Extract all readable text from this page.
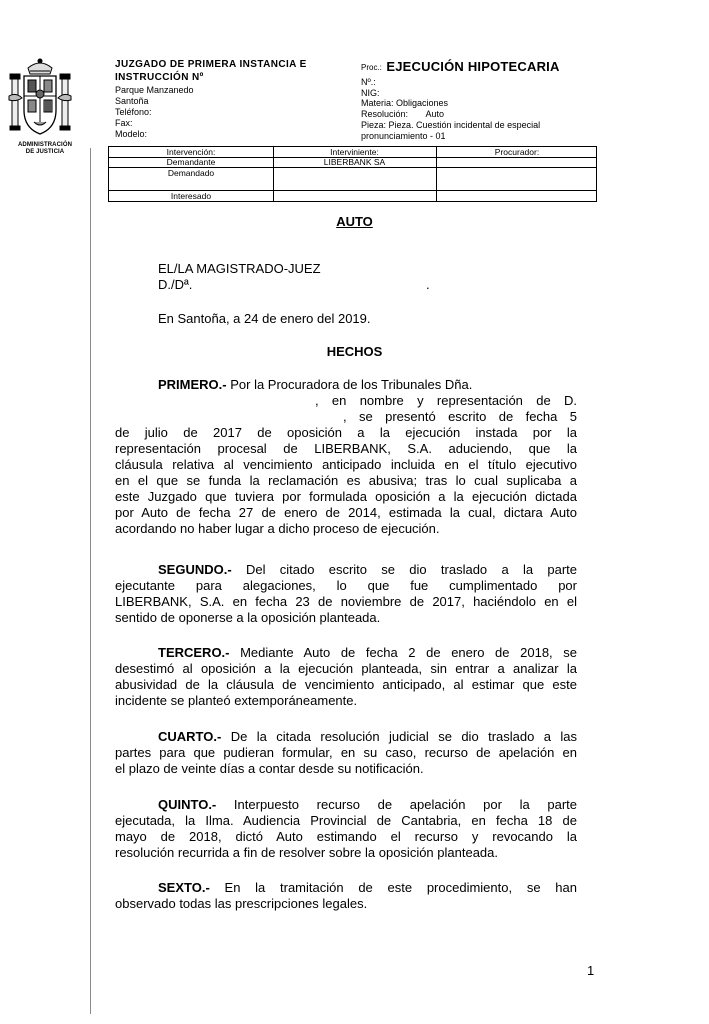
ADMINISTRACIÓN
DE JUSTICIA
JUZGADO DE PRIMERA INSTANCIA E
INSTRUCCIÓN Nº
Parque Manzanedo
Santoña
Teléfono:
Fax:
Modelo:
Proc.: EJECUCIÓN HIPOTECARIA
Nº.:
NIG:
Materia: Obligaciones
Resolución: Auto
Pieza: Pieza. Cuestión incidental de especial pronunciamiento - 01
Intervención:	Interviniente:	Procurador:
Demandante	LIBERBANK SA
Demandado
Interesado
AUTO
EL/LA MAGISTRADO-JUEZ
D./Dª.	.
En Santoña, a 24 de enero del 2019.
HECHOS
PRIMERO.- Por la Procuradora de los Tribunales Dña.
, en nombre y representación de D.
, se presentó escrito de fecha 5
de julio de 2017 de oposición a la ejecución instada por la
representación procesal de LIBERBANK, S.A. aduciendo, que la
cláusula relativa al vencimiento anticipado incluida en el título ejecutivo
en el que se funda la reclamación es abusiva; tras lo cual suplicaba a
este Juzgado que tuviera por formulada oposición a la ejecución dictada
por Auto de fecha 27 de enero de 2014, estimada la cual, dictara Auto
acordando no haber lugar a dicho proceso de ejecución.
SEGUNDO.- Del citado escrito se dio traslado a la parte
ejecutante para alegaciones, lo que fue cumplimentado por
LIBERBANK, S.A. en fecha 23 de noviembre de 2017, haciéndolo en el
sentido de oponerse a la oposición planteada.
TERCERO.- Mediante Auto de fecha 2 de enero de 2018, se
desestimó al oposición a la ejecución planteada, sin entrar a analizar la
abusividad de la cláusula de vencimiento anticipado, al estimar que este
incidente se planteó extemporáneamente.
CUARTO.- De la citada resolución judicial se dio traslado a las
partes para que pudieran formular, en su caso, recurso de apelación en
el plazo de veinte días a contar desde su notificación.
QUINTO.- Interpuesto recurso de apelación por la parte
ejecutada, la Ilma. Audiencia Provincial de Cantabria, en fecha 18 de
mayo de 2018, dictó Auto estimando el recurso y revocando la
resolución recurrida a fin de resolver sobre la oposición planteada.
SEXTO.- En la tramitación de este procedimiento, se han
observado todas las prescripciones legales.
1
